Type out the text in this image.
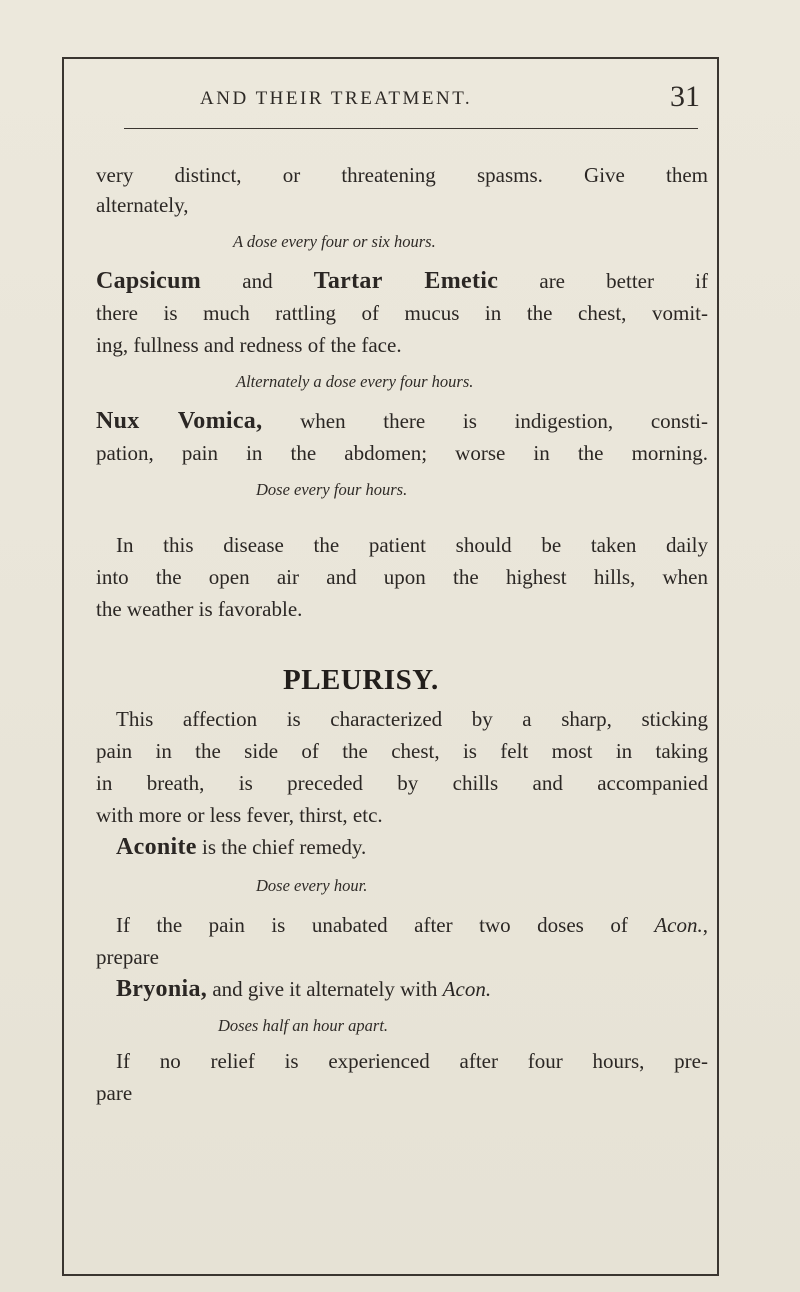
AND THEIR TREATMENT.	31
very distinct, or threatening spasms. Give them
alternately,
A dose every four or six hours.
Capsicum and Tartar Emetic are better if
there is much rattling of mucus in the chest, vomit-
ing, fullness and redness of the face.
Alternately a dose every four hours.
Nux Vomica, when there is indigestion, consti-
pation, pain in the abdomen; worse in the morning.
Dose every four hours.
In this disease the patient should be taken daily
into the open air and upon the highest hills, when
the weather is favorable.
PLEURISY.
This affection is characterized by a sharp, sticking
pain in the side of the chest, is felt most in taking
in breath, is preceded by chills and accompanied
with more or less fever, thirst, etc.
Aconite is the chief remedy.
Dose every hour.
If the pain is unabated after two doses of Acon.,
prepare
Bryonia, and give it alternately with Acon.
Doses half an hour apart.
If no relief is experienced after four hours, pre-
pare
